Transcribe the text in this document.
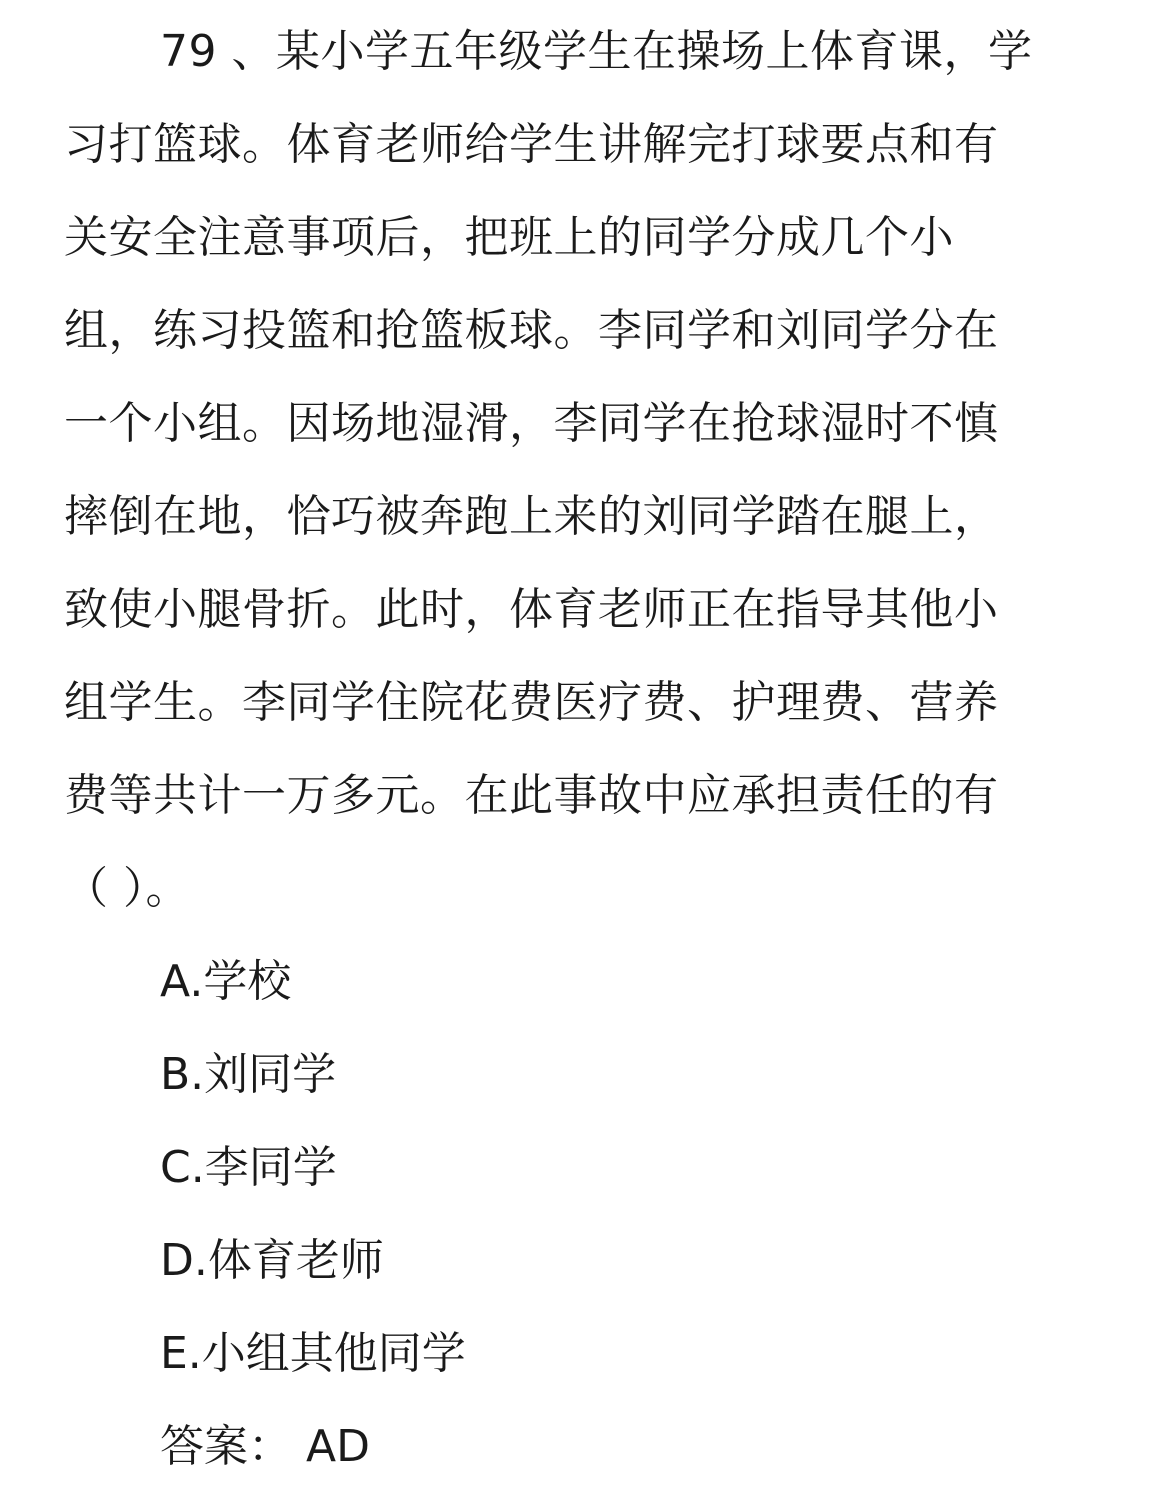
79 、某小学五年级学生在操场上体育课，学
习打篮球。体育老师给学生讲解完打球要点和有
关安全注意事项后，把班上的同学分成几个小
组，练习投篮和抢篮板球。李同学和刘同学分在
一个小组。因场地湿滑，李同学在抢球湿时不慎
摔倒在地，恰巧被奔跑上来的刘同学踏在腿上，
致使小腿骨折。此时，体育老师正在指导其他小
组学生。李同学住院花费医疗费、护理费、营养
费等共计一万多元。在此事故中应承担责任的有
（ ）。
A.学校
B.刘同学
C.李同学
D.体育老师
E.小组其他同学
答案： AD
